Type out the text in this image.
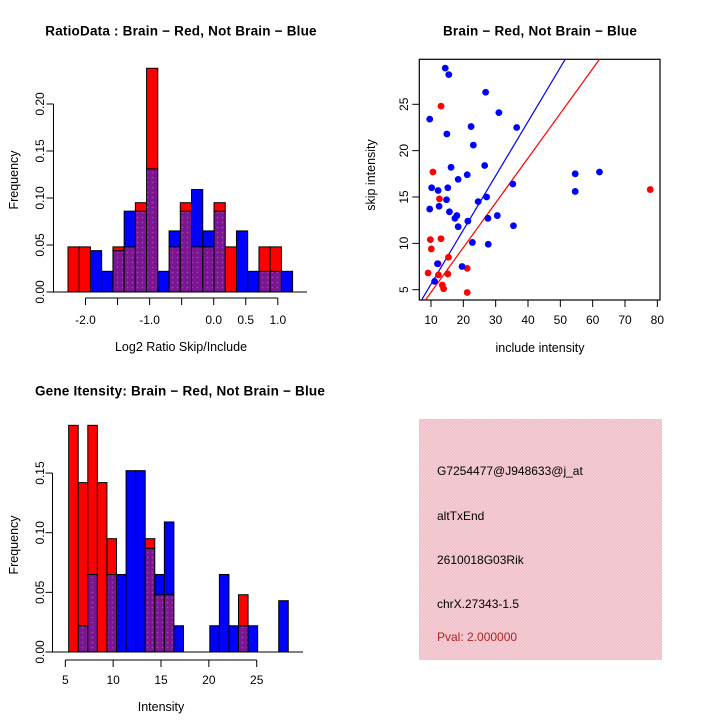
0.00
0.05
0.10
0.15
0.20
-2.0	-1.0	0.0 0.5 1.0	10 20 30 40 50 60 70 80
5
10
15
20
25
0.00
0.05
0.10
0.15
5	10	15	20	25
RatioData : Brain − Red, Not Brain − Blue	Brain − Red, Not Brain − Blue
Gene Itensity: Brain − Red, Not Brain − Blue
Log2 Ratio Skip/Include
Frequency
include intensity
skip intensity
Intensity
Frequency
G7254477@J948633@j_at
altTxEnd
2610018G03Rik
chrX.27343-1.5
Pval: 2.000000
